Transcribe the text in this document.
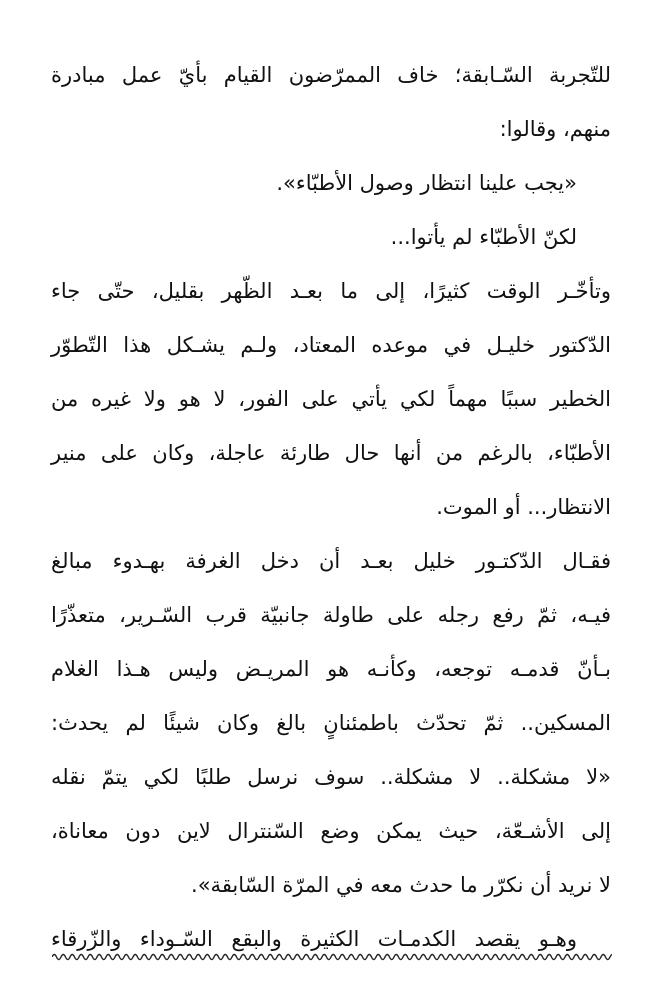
للتّجربة السّـابقة؛ خاف الممرّضون القيام بأيّ عمل مبادرة
منهم، وقالوا:
«يجب علينا انتظار وصول الأطبّاء».
لكنّ الأطبّاء لم يأتوا...
وتأخّـر الوقت كثيرًا، إلى ما بعـد الظّهر بقليل، حتّى جاء
الدّكتور خليـل في موعده المعتاد، ولـم يشـكل هذا التّطوّر
الخطير سببًا مهماً لكي يأتي على الفور، لا هو ولا غيره من
الأطبّاء، بالرغم من أنها حال طارئة عاجلة، وكان على منير
الانتظار... أو الموت.
فقـال الدّكتـور خليل بعـد أن دخل الغرفة بهـدوء مبالغ
فيـه، ثمّ رفع رجله على طاولة جانبيّة قرب السّـرير، متعذّرًا
بـأنّ قدمـه توجعه، وكأنـه هو المريـض وليس هـذا الغلام
المسكين.. ثمّ تحدّث باطمئنانٍ بالغ وكان شيئًا لم يحدث:
«لا مشكلة.. لا مشكلة.. سوف نرسل طلبًا لكي يتمّ نقله
إلى الأشـعّة، حيث يمكن وضع السّنترال لاين دون معاناة،
لا نريد أن نكرّر ما حدث معه في المرّة السّابقة».
وهـو يقصد الكدمـات الكثيرة والبقع السّـوداء والزّرقاء
